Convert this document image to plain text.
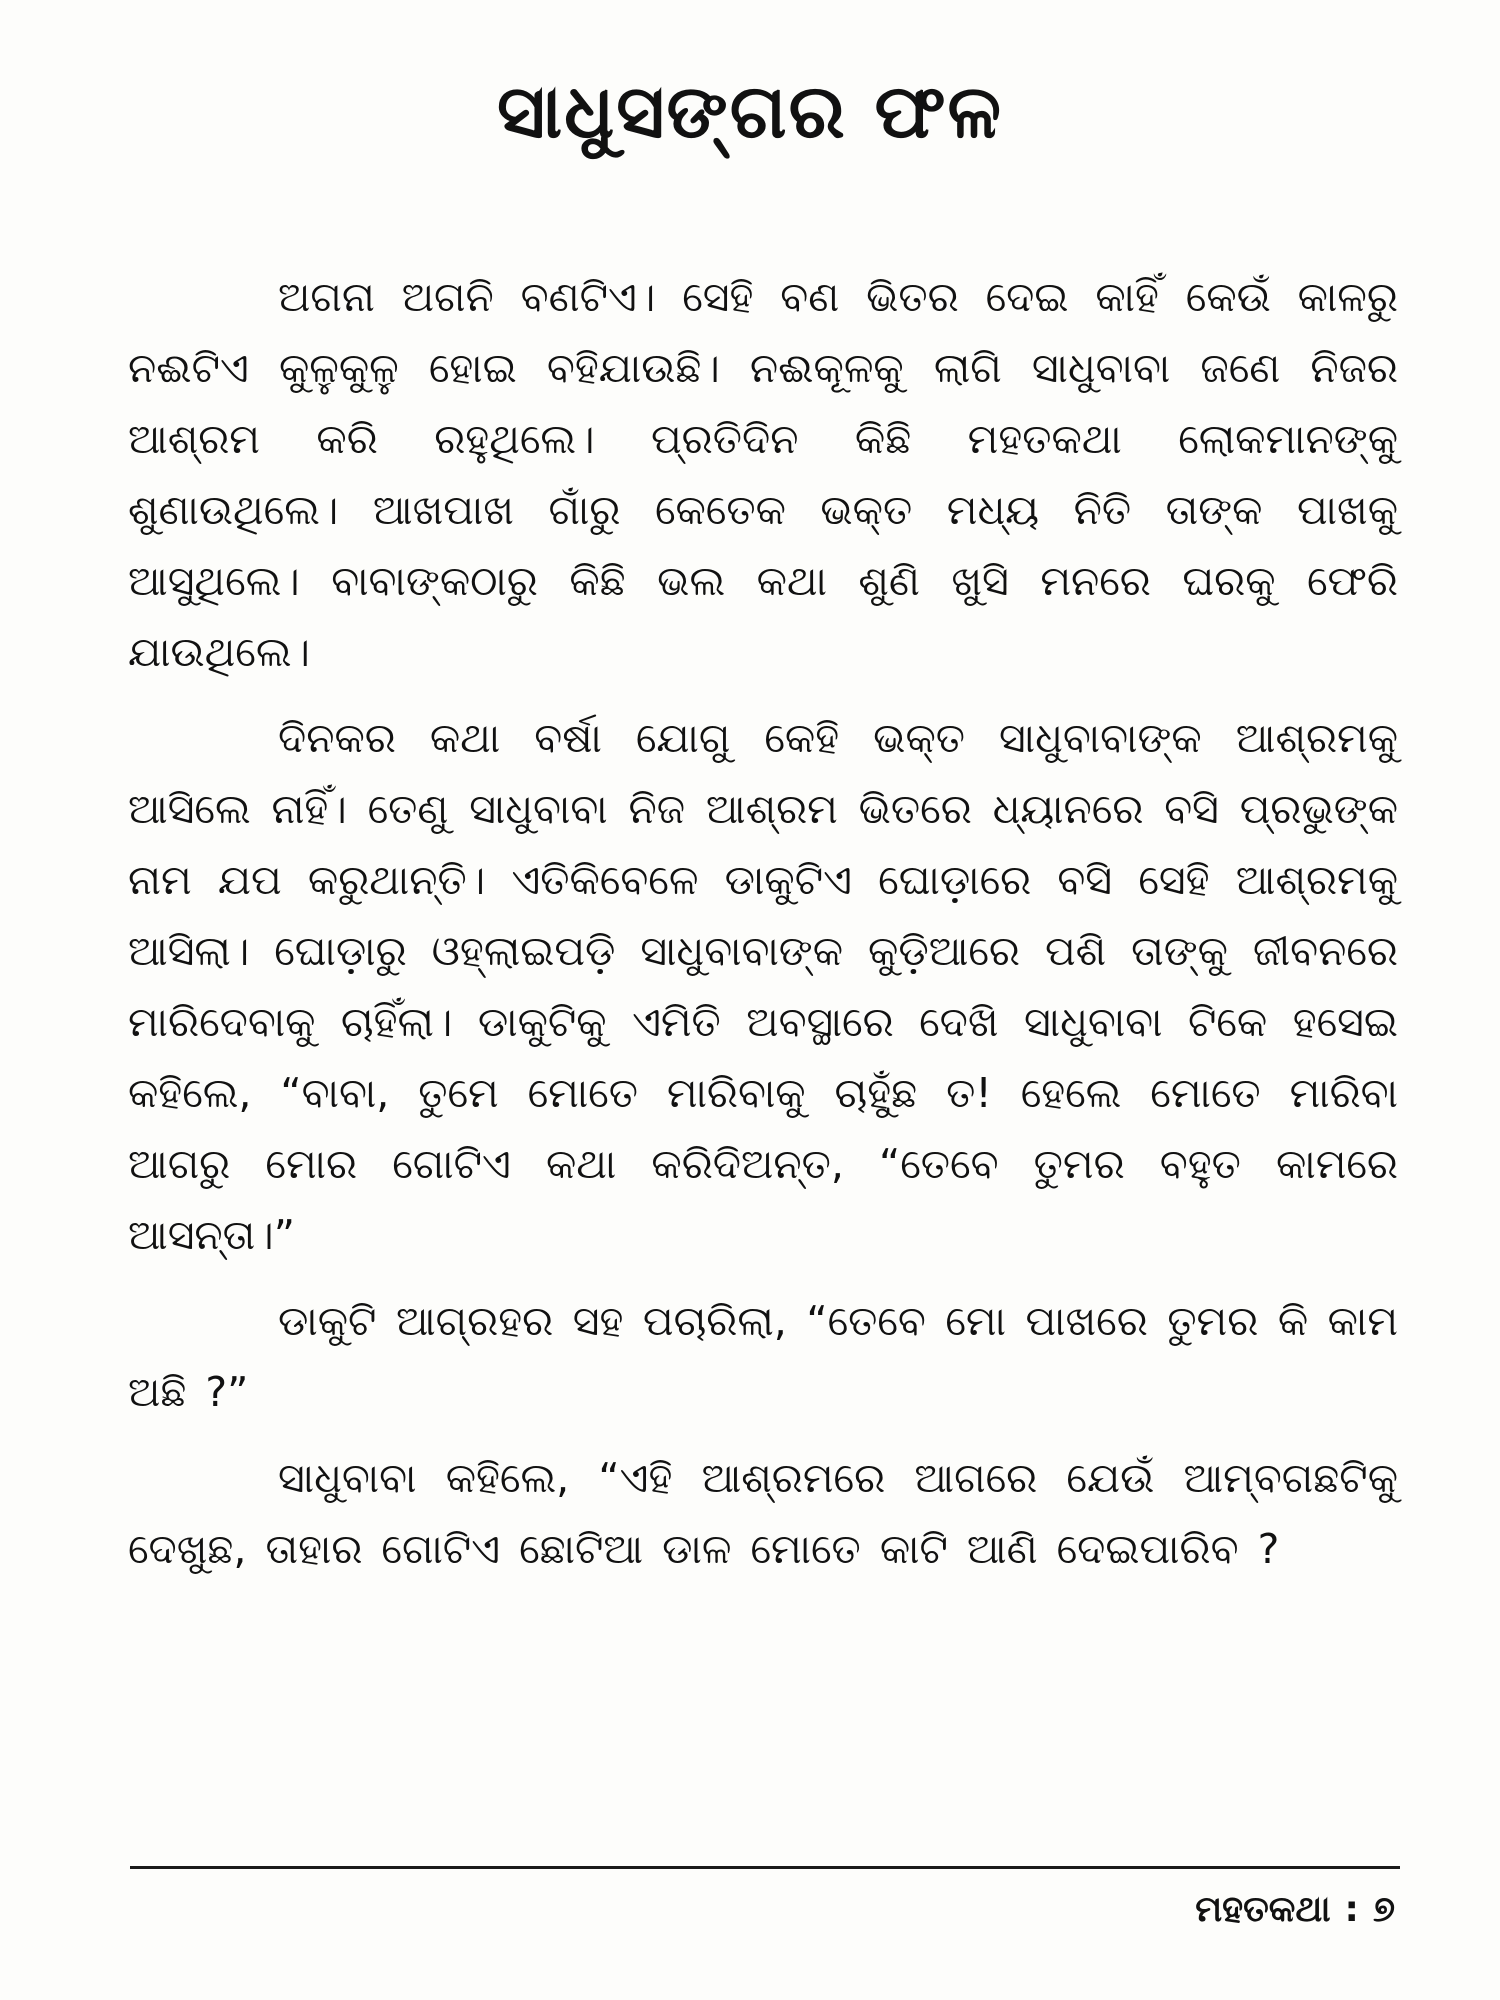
ସାଧୁସଙ୍ଗର ଫଳ

ଅଗନା ଅଗନି ବଣଟିଏ। ସେହି ବଣ ଭିତର ଦେଇ କାହିଁ କେଉଁ କାଳରୁ ନଈଟିଏ କୁଳୁକୁଳୁ ହୋଇ ବହିଯାଉଛି। ନଈକୂଳକୁ ଲାଗି ସାଧୁବାବା ଜଣେ ନିଜର ଆଶ୍ରମ କରି ରହୁଥିଲେ। ପ୍ରତିଦିନ କିଛି ମହତକଥା ଲୋକମାନଙ୍କୁ ଶୁଣାଉଥିଲେ। ଆଖପାଖ ଗାଁରୁ କେତେକ ଭକ୍ତ ମଧ୍ୟ ନିତି ତାଙ୍କ ପାଖକୁ ଆସୁଥିଲେ। ବାବାଙ୍କଠାରୁ କିଛି ଭଲ କଥା ଶୁଣି ଖୁସି ମନରେ ଘରକୁ ଫେରି ଯାଉଥିଲେ।

ଦିନକର କଥା ବର୍ଷା ଯୋଗୁ କେହି ଭକ୍ତ ସାଧୁବାବାଙ୍କ ଆଶ୍ରମକୁ ଆସିଲେ ନାହିଁ। ତେଣୁ ସାଧୁବାବା ନିଜ ଆଶ୍ରମ ଭିତରେ ଧ୍ୟାନରେ ବସି ପ୍ରଭୁଙ୍କ ନାମ ଯପ କରୁଥାନ୍ତି। ଏତିକିବେଳେ ଡାକୁଟିଏ ଘୋଡ଼ାରେ ବସି ସେହି ଆଶ୍ରମକୁ ଆସିଲା। ଘୋଡ଼ାରୁ ଓହ୍ଲାଇପଡ଼ି ସାଧୁବାବାଙ୍କ କୁଡ଼ିଆରେ ପଶି ତାଙ୍କୁ ଜୀବନରେ ମାରିଦେବାକୁ ଚାହିଁଲା। ଡାକୁଟିକୁ ଏମିତି ଅବସ୍ଥାରେ ଦେଖି ସାଧୁବାବା ଟିକେ ହସେଇ କହିଲେ, “ବାବା, ତୁମେ ମୋତେ ମାରିବାକୁ ଚାହୁଁଛ ତ! ହେଲେ ମୋତେ ମାରିବା ଆଗରୁ ମୋର ଗୋଟିଏ କଥା କରିଦିଅନ୍ତ, “ତେବେ ତୁମର ବହୁତ କାମରେ ଆସନ୍ତା।”

ଡାକୁଟି ଆଗ୍ରହର ସହ ପଚାରିଲା, “ତେବେ ମୋ ପାଖରେ ତୁମର କି କାମ ଅଛି ?”

ସାଧୁବାବା କହିଲେ, “ଏହି ଆଶ୍ରମରେ ଆଗରେ ଯେଉଁ ଆମ୍ବଗଛଟିକୁ ଦେଖୁଛ, ତାହାର ଗୋଟିଏ ଛୋଟିଆ ଡାଳ ମୋତେ କାଟି ଆଣି ଦେଇପାରିବ ?

ମହତକଥା : ୭
